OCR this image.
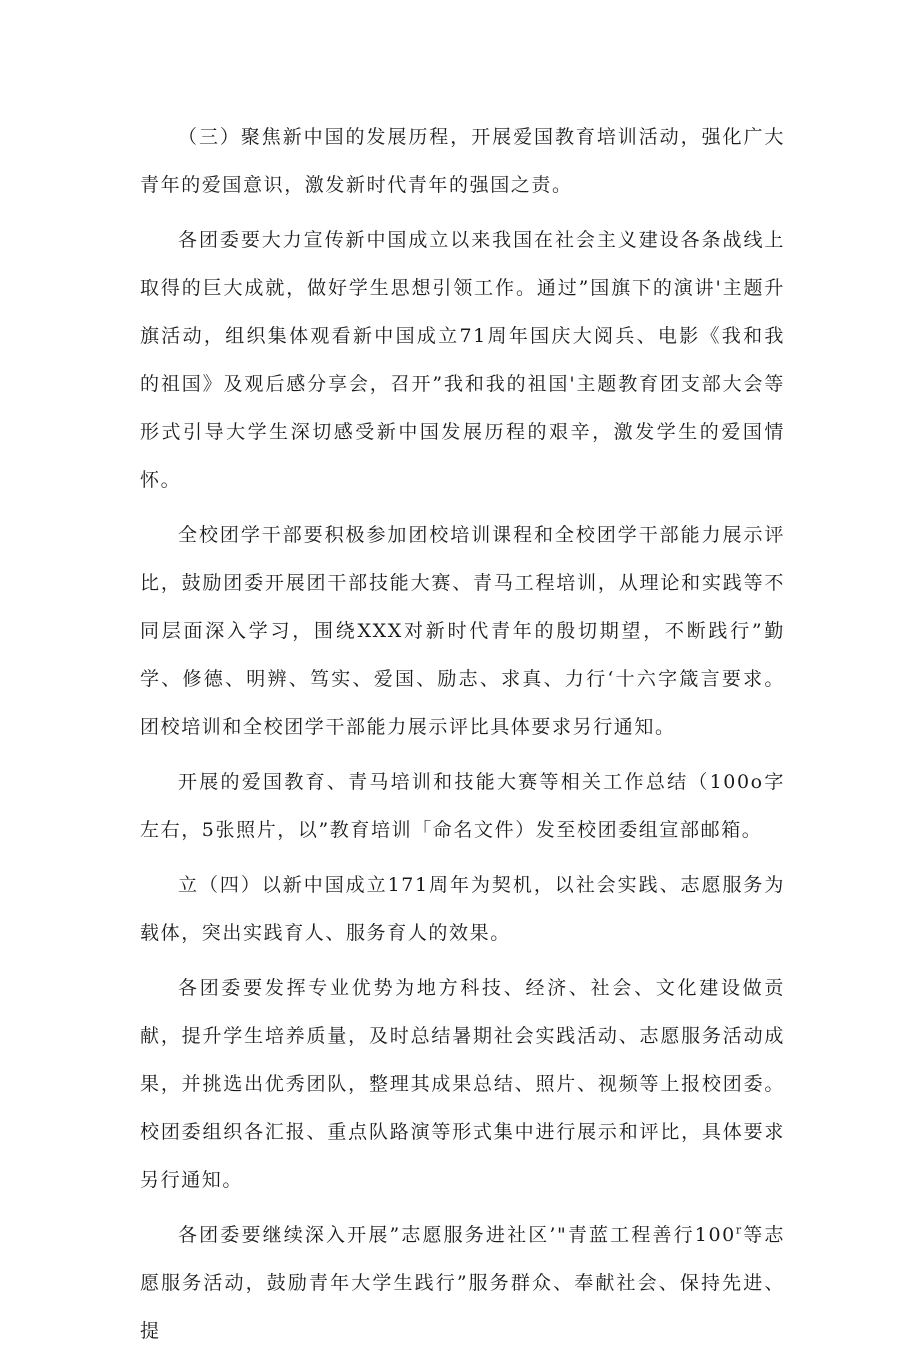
（三）聚焦新中国的发展历程，开展爱国教育培训活动，强化广大青年的爱国意识，激发新时代青年的强国之责。

各团委要大力宣传新中国成立以来我国在社会主义建设各条战线上取得的巨大成就，做好学生思想引领工作。通过”国旗下的演讲'主题升旗活动，组织集体观看新中国成立71周年国庆大阅兵、电影《我和我的祖国》及观后感分享会，召开”我和我的祖国'主题教育团支部大会等形式引导大学生深切感受新中国发展历程的艰辛，激发学生的爱国情怀。

全校团学干部要积极参加团校培训课程和全校团学干部能力展示评比，鼓励团委开展团干部技能大赛、青马工程培训，从理论和实践等不同层面深入学习，围绕XXX对新时代青年的殷切期望，不断践行”勤学、修德、明辨、笃实、爱国、励志、求真、力行‘十六字箴言要求。团校培训和全校团学干部能力展示评比具体要求另行通知。

开展的爱国教育、青马培训和技能大赛等相关工作总结（100o字左右，5张照片，以”教育培训「命名文件）发至校团委组宣部邮箱。

立（四）以新中国成立171周年为契机，以社会实践、志愿服务为载体，突出实践育人、服务育人的效果。

各团委要发挥专业优势为地方科技、经济、社会、文化建设做贡献，提升学生培养质量，及时总结暑期社会实践活动、志愿服务活动成果，并挑选出优秀团队，整理其成果总结、照片、视频等上报校团委。校团委组织各汇报、重点队路演等形式集中进行展示和评比，具体要求另行通知。

各团委要继续深入开展”志愿服务进社区’"青蓝工程善行100$^r$等志愿服务活动，鼓励青年大学生践行”服务群众、奉献社会、保持先进、提
